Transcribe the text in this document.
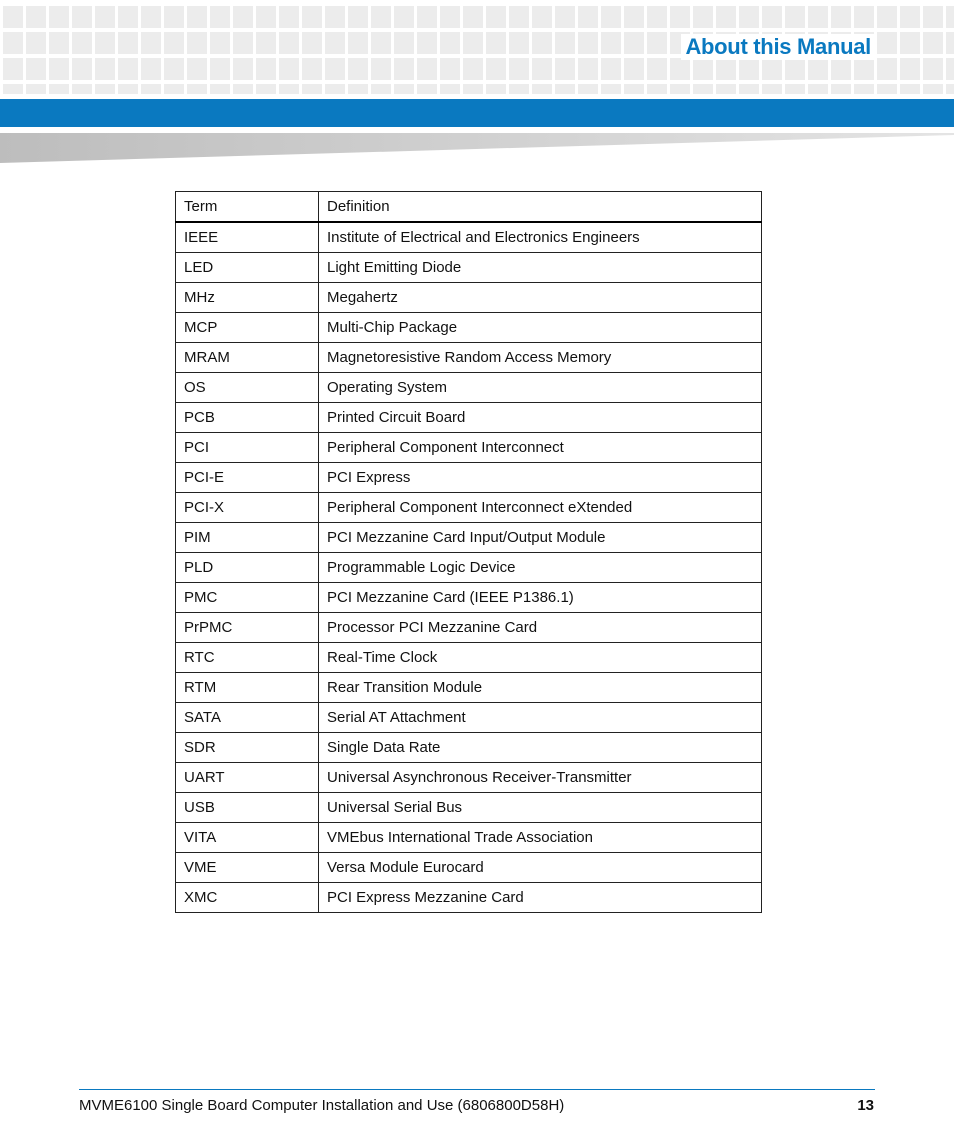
About this Manual
Term	Definition
IEEE	Institute of Electrical and Electronics Engineers
LED	Light Emitting Diode
MHz	Megahertz
MCP	Multi-Chip Package
MRAM	Magnetoresistive Random Access Memory
OS	Operating System
PCB	Printed Circuit Board
PCI	Peripheral Component Interconnect
PCI-E	PCI Express
PCI-X	Peripheral Component Interconnect eXtended
PIM	PCI Mezzanine Card Input/Output Module
PLD	Programmable Logic Device
PMC	PCI Mezzanine Card (IEEE P1386.1)
PrPMC	Processor PCI Mezzanine Card
RTC	Real-Time Clock
RTM	Rear Transition Module
SATA	Serial AT Attachment
SDR	Single Data Rate
UART	Universal Asynchronous Receiver-Transmitter
USB	Universal Serial Bus
VITA	VMEbus International Trade Association
VME	Versa Module Eurocard
XMC	PCI Express Mezzanine Card
MVME6100 Single Board Computer Installation and Use (6806800D58H)	13
